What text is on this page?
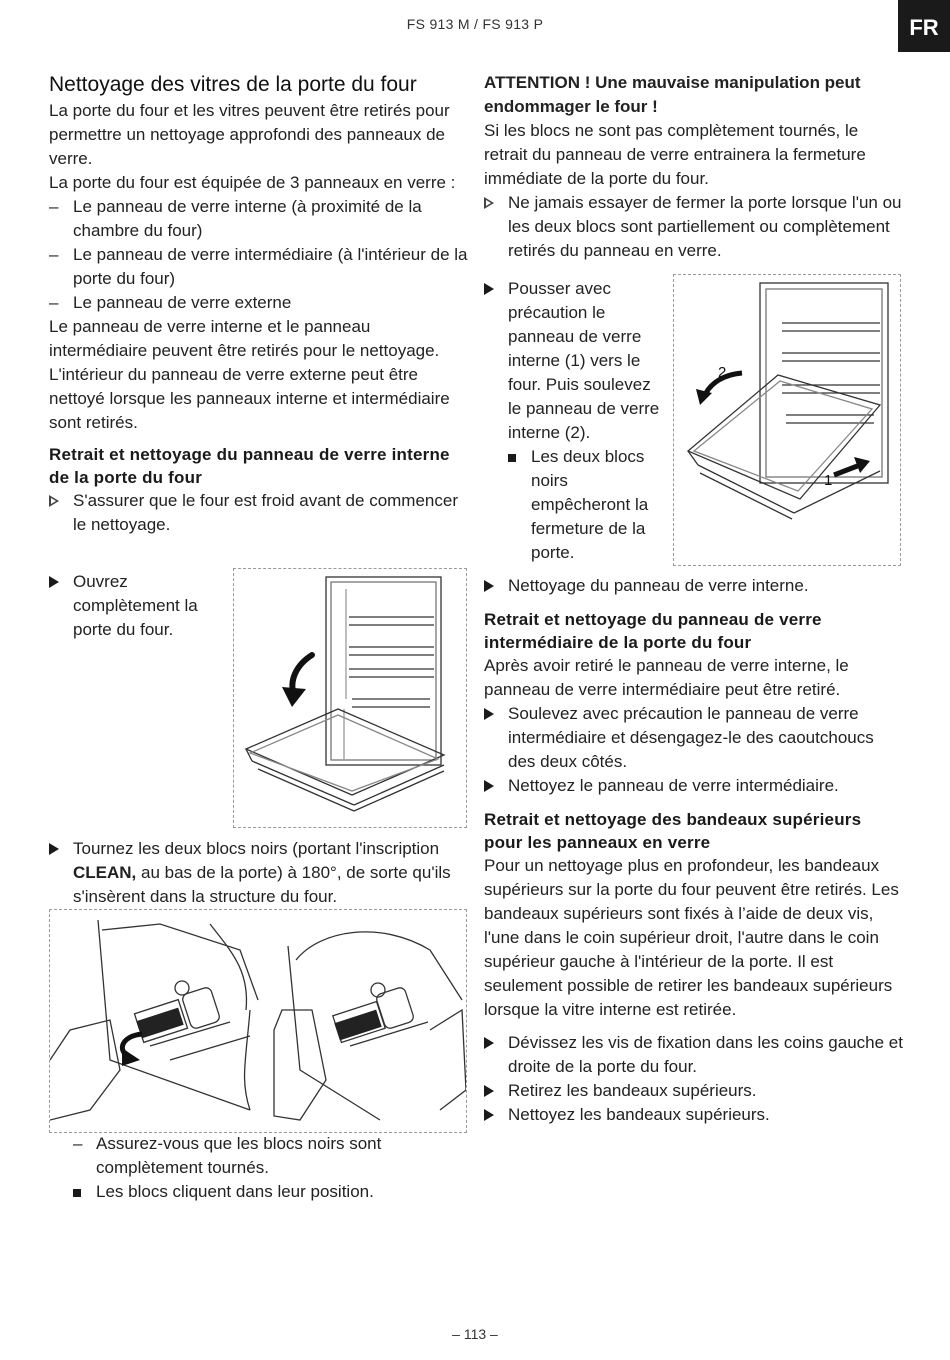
FS 913 M / FS 913 P	FR
– 113 –
Nettoyage des vitres de la porte du four

La porte du four et les vitres peuvent être retirés pour permettre un nettoyage approfondi des panneaux de verre.

La porte du four est équipée de 3 panneaux en verre :

– Le panneau de verre interne (à proximité de la chambre du four)
– Le panneau de verre intermédiaire (à l'intérieur de la porte du four)
– Le panneau de verre externe

Le panneau de verre interne et le panneau intermédiaire peuvent être retirés pour le nettoyage. L'intérieur du panneau de verre externe peut être nettoyé lorsque les panneaux interne et intermédiaire sont retirés.

Retrait et nettoyage du panneau de verre interne de la porte du four
S'assurer que le four est froid avant de commencer le nettoyage.
Ouvrez complètement la porte du four.
Tournez les deux blocs noirs (portant l'inscription CLEAN, au bas de la porte) à 180°, de sorte qu'ils s'insèrent dans la structure du four.
– Assurez-vous que les blocs noirs sont complètement tournés.
Les blocs cliquent dans leur position.

ATTENTION ! Une mauvaise manipulation peut endommager le four !

Si les blocs ne sont pas complètement tournés, le retrait du panneau de verre entrainera la fermeture immédiate de la porte du four.

Ne jamais essayer de fermer la porte lorsque l'un ou les deux blocs sont partiellement ou complètement retirés du panneau en verre.
Pousser avec précaution le panneau de verre interne (1) vers le four. Puis soulevez le panneau de verre interne (2).
Les deux blocs noirs empêcheront la fermeture de la porte.
2
1
Nettoyage du panneau de verre interne.
Retrait et nettoyage du panneau de verre intermédiaire de la porte du four

Après avoir retiré le panneau de verre interne, le panneau de verre intermédiaire peut être retiré.

Soulevez avec précaution le panneau de verre intermédiaire et désengagez-le des caoutchoucs des deux côtés.
Nettoyez le panneau de verre intermédiaire.
Retrait et nettoyage des bandeaux supérieurs pour les panneaux en verre

Pour un nettoyage plus en profondeur, les bandeaux supérieurs sur la porte du four peuvent être retirés. Les bandeaux supérieurs sont fixés à l’aide de deux vis, l'une dans le coin supérieur droit, l'autre dans le coin supérieur gauche à l'intérieur de la porte. Il est seulement possible de retirer les bandeaux supérieurs lorsque la vitre interne est retirée.

Dévissez les vis de fixation dans les coins gauche et droite de la porte du four.
Retirez les bandeaux supérieurs.
Nettoyez les bandeaux supérieurs.
